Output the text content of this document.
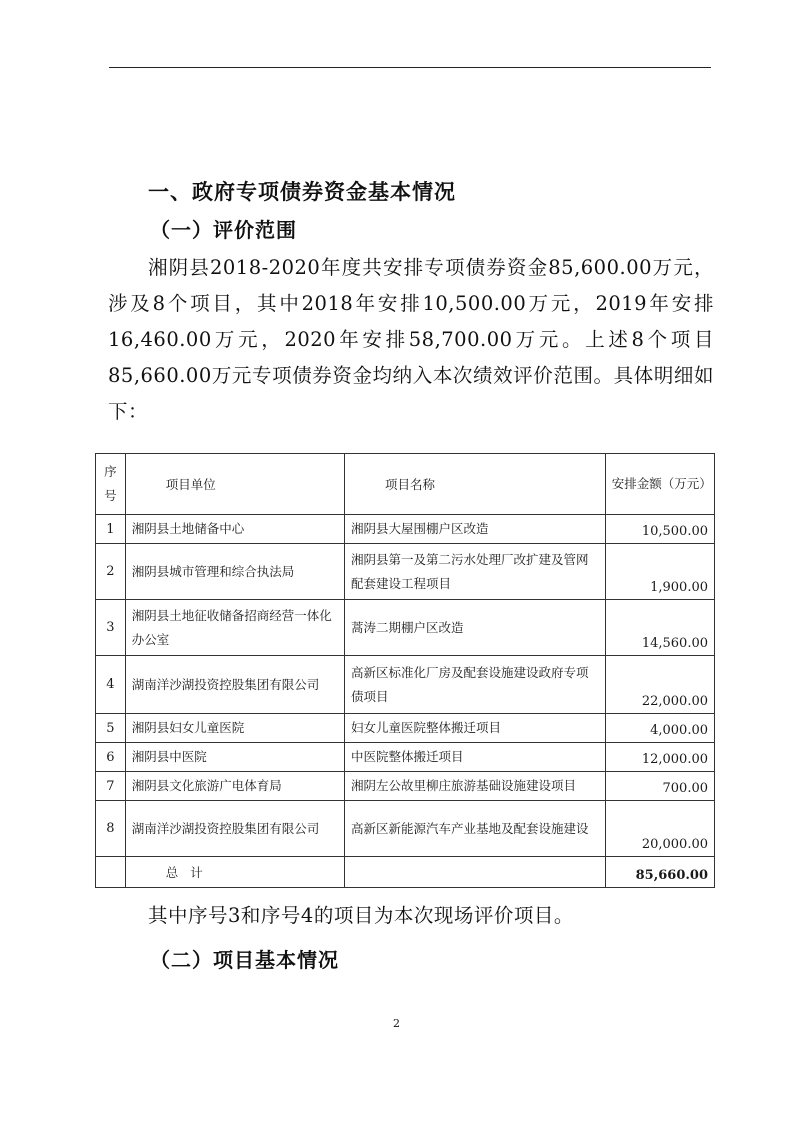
一、政府专项债券资金基本情况
（一）评价范围
湘阴县2018-2020年度共安排专项债券资金85,600.00万元，涉及8个项目，其中2018年安排10,500.00万元，2019年安排16,460.00万元，2020年安排58,700.00万元。上述8个项目85,660.00万元专项债券资金均纳入本次绩效评价范围。具体明细如下：
序号	项目单位	项目名称	安排金额（万元）
1	湘阴县土地储备中心	湘阴县大屋围棚户区改造	10,500.00
2	湘阴县城市管理和综合执法局	湘阴县第一及第二污水处理厂改扩建及管网配套建设工程项目	1,900.00
3	湘阴县土地征收储备招商经营一体化办公室	蒿涛二期棚户区改造	14,560.00
4	湖南洋沙湖投资控股集团有限公司	高新区标准化厂房及配套设施建设政府专项债项目	22,000.00
5	湘阴县妇女儿童医院	妇女儿童医院整体搬迁项目	4,000.00
6	湘阴县中医院	中医院整体搬迁项目	12,000.00
7	湘阴县文化旅游广电体育局	湘阴左公故里柳庄旅游基础设施建设项目	700.00
8	湖南洋沙湖投资控股集团有限公司	高新区新能源汽车产业基地及配套设施建设	20,000.00
	总计		85,660.00
其中序号3和序号4的项目为本次现场评价项目。
（二）项目基本情况
2
